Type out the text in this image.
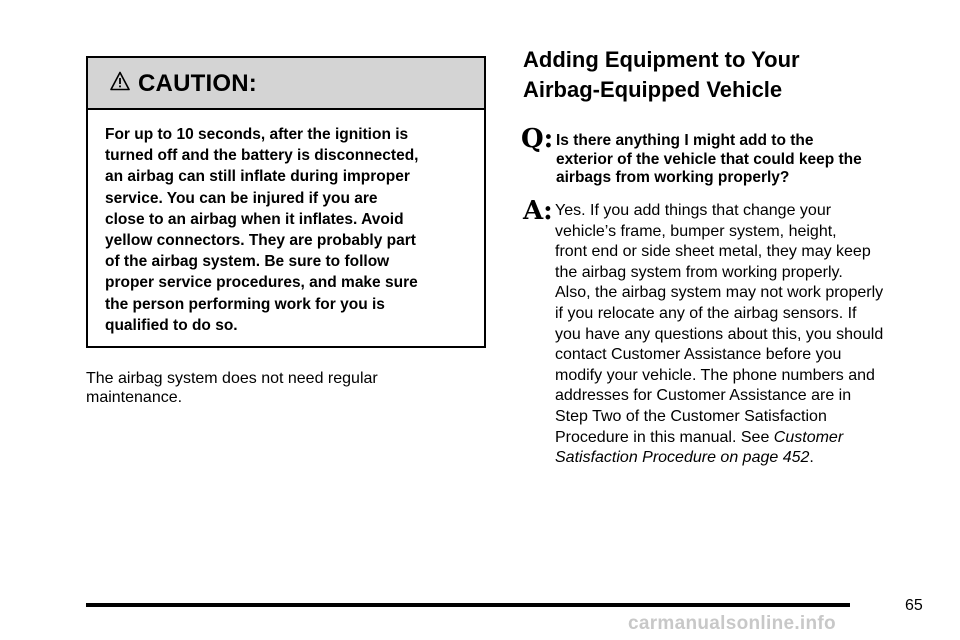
CAUTION:
For up to 10 seconds, after the ignition is
turned off and the battery is disconnected,
an airbag can still inflate during improper
service. You can be injured if you are
close to an airbag when it inflates. Avoid
yellow connectors. They are probably part
of the airbag system. Be sure to follow
proper service procedures, and make sure
the person performing work for you is
qualified to do so.
The airbag system does not need regular
maintenance.
Adding Equipment to Your
Airbag-Equipped Vehicle
Q: Is there anything I might add to the
exterior of the vehicle that could keep the
airbags from working properly?
A: Yes. If you add things that change your
vehicle’s frame, bumper system, height,
front end or side sheet metal, they may keep
the airbag system from working properly.
Also, the airbag system may not work properly
if you relocate any of the airbag sensors. If
you have any questions about this, you should
contact Customer Assistance before you
modify your vehicle. The phone numbers and
addresses for Customer Assistance are in
Step Two of the Customer Satisfaction
Procedure in this manual. See Customer
Satisfaction Procedure on page 452.
65
carmanualsonline.info
